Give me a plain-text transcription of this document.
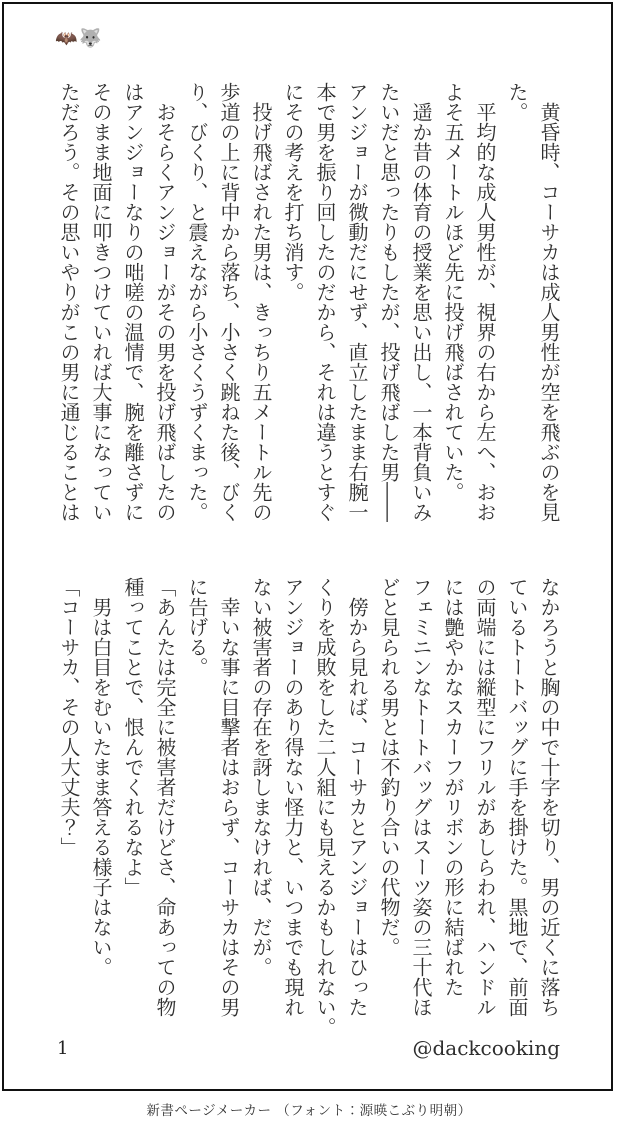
🦇🐺
　黄昏時、コーサカは成人男性が空を飛ぶのを見
た。
　平均的な成人男性が、視界の右から左へ、おお
よそ五メートルほど先に投げ飛ばされていた。
　遥か昔の体育の授業を思い出し、一本背負いみ
たいだと思ったりもしたが、投げ飛ばした男――
アンジョーが微動だにせず、直立したまま右腕一
本で男を振り回したのだから、それは違うとすぐ
にその考えを打ち消す。
　投げ飛ばされた男は、きっちり五メートル先の
歩道の上に背中から落ち、小さく跳ねた後、びく
り、びくり、と震えながら小さくうずくまった。
　おそらくアンジョーがその男を投げ飛ばしたの
はアンジョーなりの咄嗟の温情で、腕を離さずに
そのまま地面に叩きつけていれば大事になってい
ただろう。その思いやりがこの男に通じることは
なかろうと胸の中で十字を切り、男の近くに落ち
ているトートバッグに手を掛けた。黒地で、前面
の両端には縦型にフリルがあしらわれ、ハンドル
には艶やかなスカーフがリボンの形に結ばれた
フェミニンなトートバッグはスーツ姿の三十代ほ
どと見られる男とは不釣り合いの代物だ。
　傍から見れば、コーサカとアンジョーはひった
くりを成敗をした二人組にも見えるかもしれない。
アンジョーのあり得ない怪力と、いつまでも現れ
ない被害者の存在を訝しまなければ、だが。
　幸いな事に目撃者はおらず、コーサカはその男
に告げる。
「あんたは完全に被害者だけどさ、命あっての物
種ってことで、恨んでくれるなよ」
　男は白目をむいたまま答える様子はない。
「コーサカ、その人大丈夫？」
1	@dackcooking
新書ページメーカー （フォント：源暎こぶり明朝）
